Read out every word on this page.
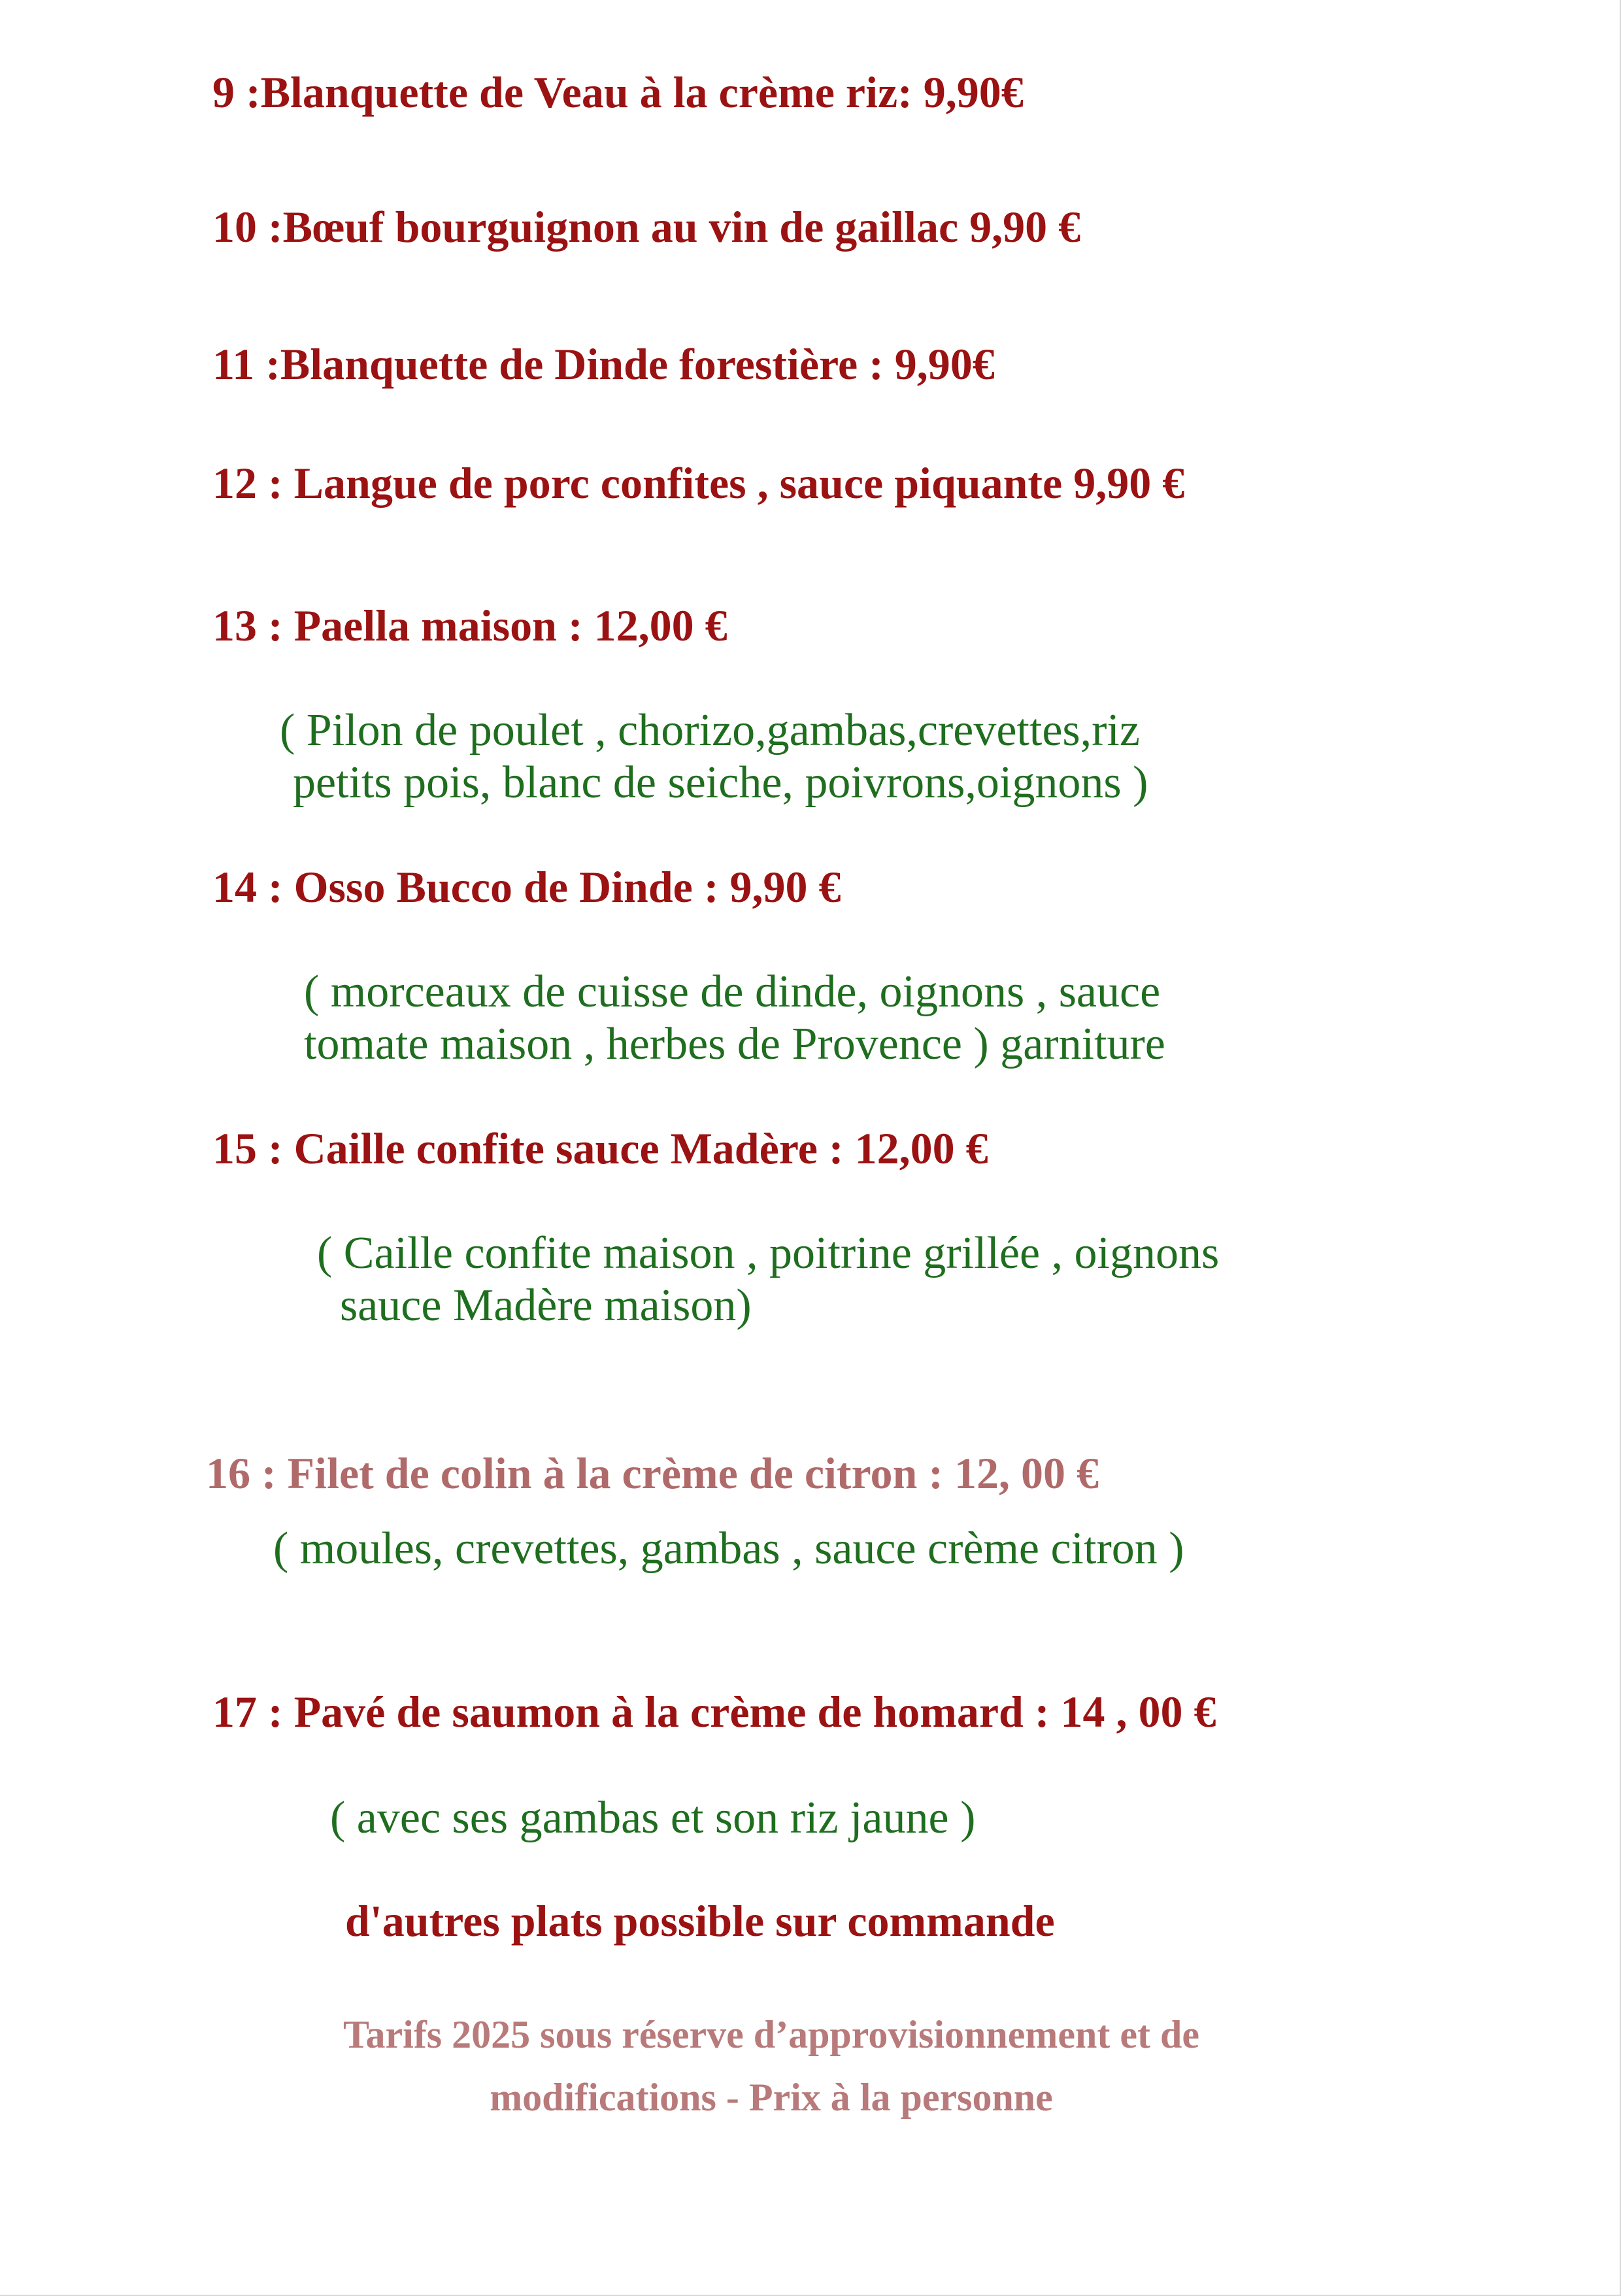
9 :Blanquette de Veau à la crème riz: 9,90€
10 :Bœuf bourguignon au vin de gaillac 9,90 €
11 :Blanquette de Dinde forestière : 9,90€
12 : Langue de porc confites , sauce piquante 9,90 €
13 : Paella maison : 12,00 €
( Pilon de poulet , chorizo,gambas,crevettes,riz
petits pois, blanc de seiche, poivrons,oignons )
14 : Osso Bucco de Dinde : 9,90 €
( morceaux de cuisse de dinde, oignons , sauce
tomate maison , herbes de Provence ) garniture
15 : Caille confite sauce Madère : 12,00 €
( Caille confite maison , poitrine grillée , oignons
sauce Madère maison)
16 : Filet de colin à la crème de citron : 12, 00 €
( moules, crevettes, gambas , sauce crème citron )
17 : Pavé de saumon à la crème de homard : 14 , 00 €
( avec ses gambas et son riz jaune )
d'autres plats possible sur commande
Tarifs 2025 sous réserve d’approvisionnement et de
modifications - Prix à la personne
